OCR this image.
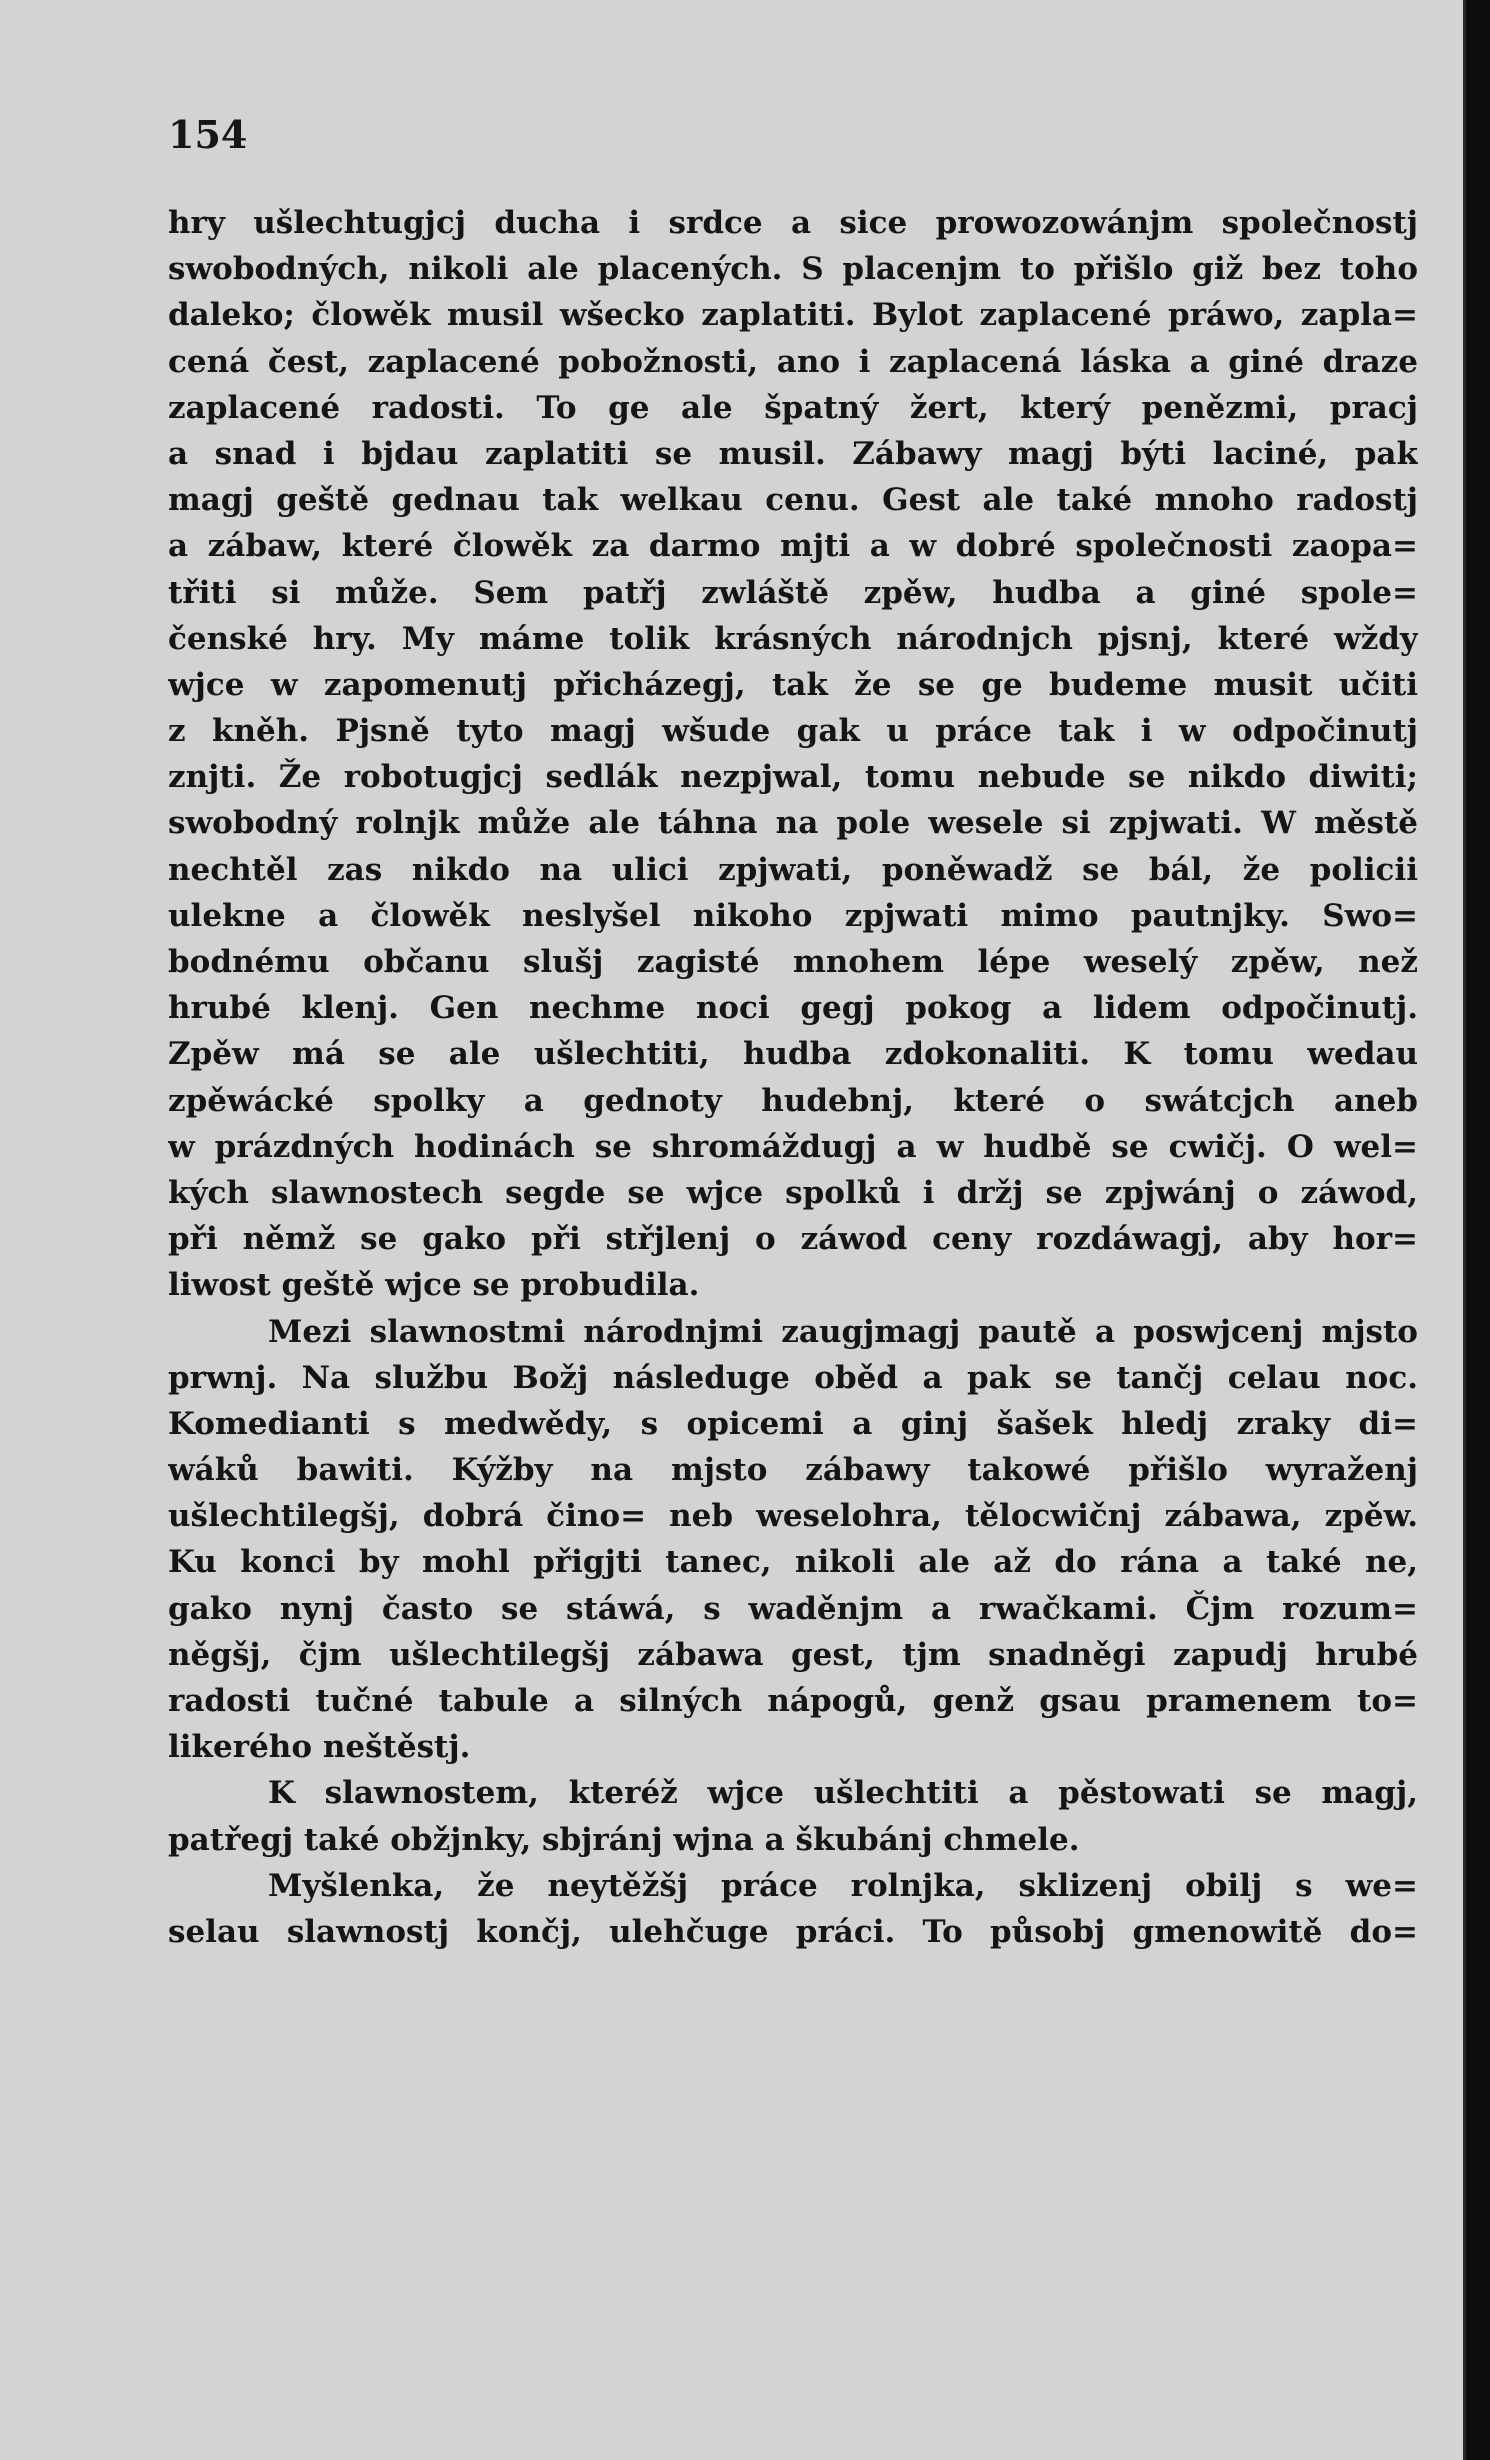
154
hry ušlechtugjcj ducha i srdce a sice prowozowánjm společnostj
swobodných, nikoli ale placených. S placenjm to přišlo giž bez toho
daleko; člowěk musil wšecko zaplatiti. Bylot zaplacené práwo, zapla=
cená čest, zaplacené pobožnosti, ano i zaplacená láska a giné draze
zaplacené radosti. To ge ale špatný žert, který penězmi, pracj
a snad i bjdau zaplatiti se musil. Zábawy magj býti laciné, pak
magj geště gednau tak welkau cenu. Gest ale také mnoho radostj
a zábaw, které člowěk za darmo mjti a w dobré společnosti zaopa=
třiti si může. Sem patřj zwláště zpěw, hudba a giné spole=
čenské hry. My máme tolik krásných národnjch pjsnj, které wždy
wjce w zapomenutj přicházegj, tak že se ge budeme musit učiti
z kněh. Pjsně tyto magj wšude gak u práce tak i w odpočinutj
znjti. Že robotugjcj sedlák nezpjwal, tomu nebude se nikdo diwiti;
swobodný rolnjk může ale táhna na pole wesele si zpjwati. W městě
nechtěl zas nikdo na ulici zpjwati, poněwadž se bál, že policii
ulekne a člowěk neslyšel nikoho zpjwati mimo pautnjky. Swo=
bodnému občanu slušj zagisté mnohem lépe weselý zpěw, než
hrubé klenj. Gen nechme noci gegj pokog a lidem odpočinutj.
Zpěw má se ale ušlechtiti, hudba zdokonaliti. K tomu wedau
zpěwácké spolky a gednoty hudebnj, které o swátcjch aneb
w prázdných hodinách se shromáždugj a w hudbě se cwičj. O wel=
kých slawnostech segde se wjce spolků i držj se zpjwánj o záwod,
při němž se gako při střjlenj o záwod ceny rozdáwagj, aby hor=
liwost geště wjce se probudila.
Mezi slawnostmi národnjmi zaugjmagj pautě a poswjcenj mjsto
prwnj. Na službu Božj následuge oběd a pak se tančj celau noc.
Komedianti s medwědy, s opicemi a ginj šašek hledj zraky di=
wáků bawiti. Kýžby na mjsto zábawy takowé přišlo wyraženj
ušlechtilegšj, dobrá čino= neb weselohra, tělocwičnj zábawa, zpěw.
Ku konci by mohl přigjti tanec, nikoli ale až do rána a také ne,
gako nynj často se stáwá, s waděnjm a rwačkami. Čjm rozum=
něgšj, čjm ušlechtilegšj zábawa gest, tjm snadněgi zapudj hrubé
radosti tučné tabule a silných nápogů, genž gsau pramenem to=
likerého neštěstj.
K slawnostem, kteréž wjce ušlechtiti a pěstowati se magj,
patřegj také obžjnky, sbjránj wjna a škubánj chmele.
Myšlenka, že neytěžšj práce rolnjka, sklizenj obilj s we=
selau slawnostj končj, ulehčuge práci. To působj gmenowitě do=
